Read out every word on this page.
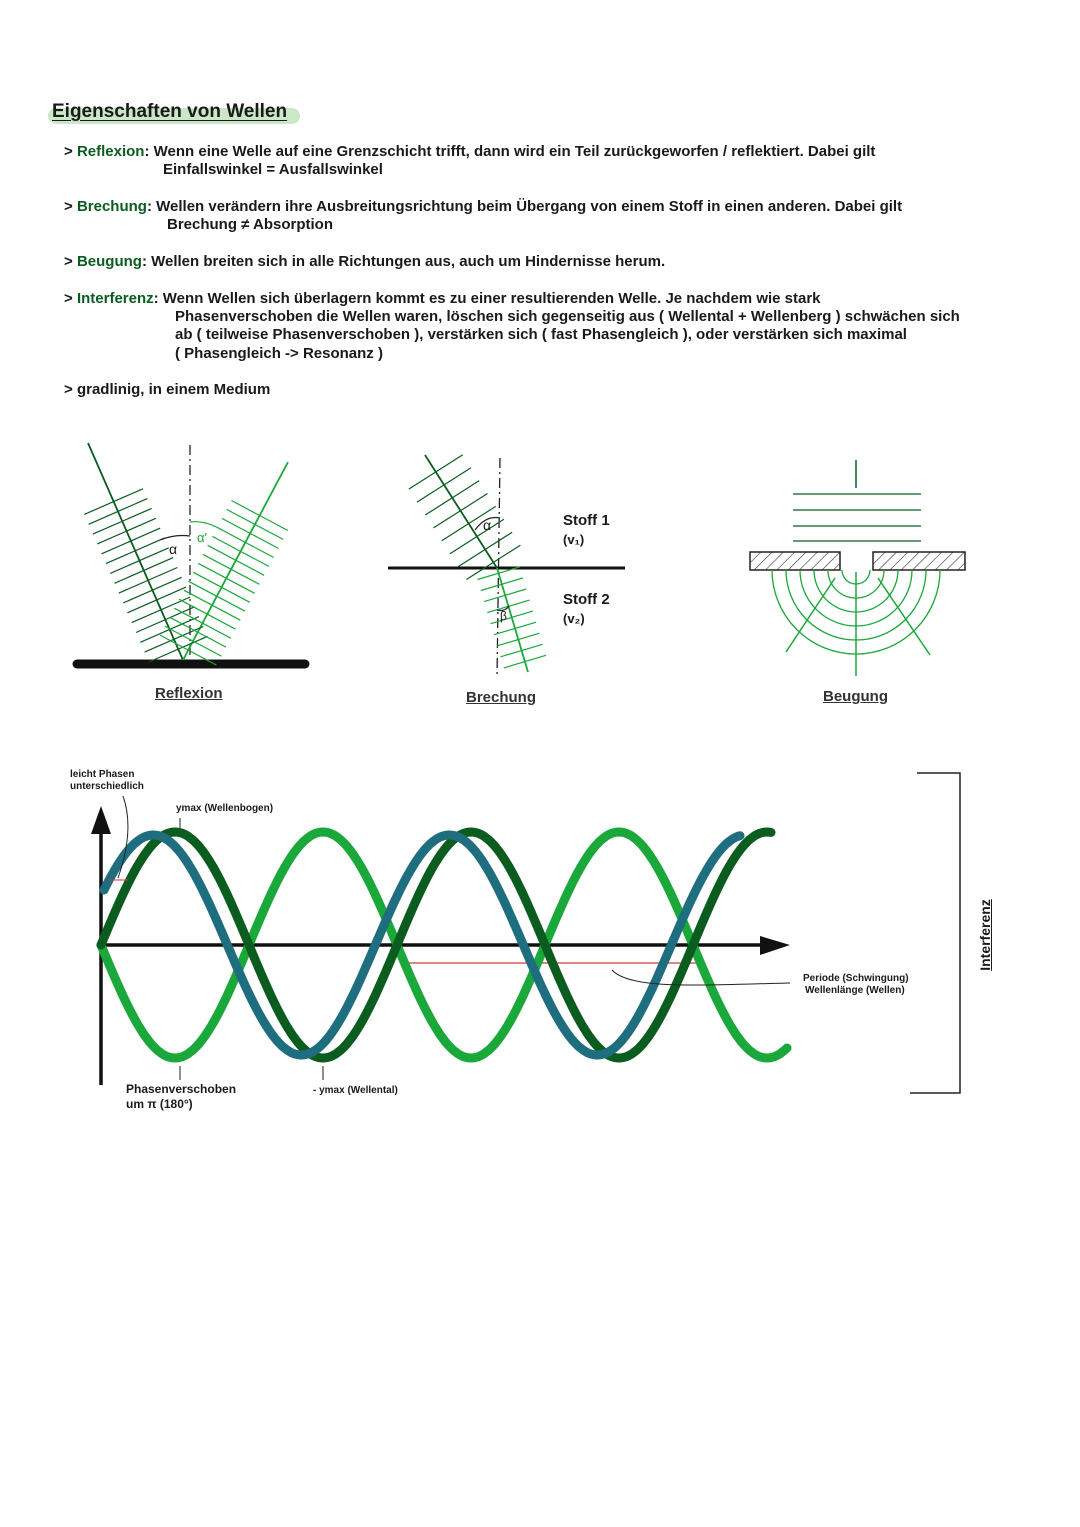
Eigenschaften von Wellen
> Reflexion: Wenn eine Welle auf eine Grenzschicht trifft, dann wird ein Teil zurückgeworfen / reflektiert. Dabei gilt
Einfallswinkel = Ausfallswinkel
> Brechung: Wellen verändern ihre Ausbreitungsrichtung beim Übergang von einem Stoff in einen anderen. Dabei gilt
Brechung ≠ Absorption
> Beugung: Wellen breiten sich in alle Richtungen aus, auch um Hindernisse herum.
> Interferenz: Wenn Wellen sich überlagern kommt es zu einer resultierenden Welle. Je nachdem wie stark
Phasenverschoben die Wellen waren, löschen sich gegenseitig aus ( Wellental + Wellenberg ) schwächen sich
ab ( teilweise Phasenverschoben ), verstärken sich ( fast Phasengleich ), oder verstärken sich maximal
( Phasengleich -> Resonanz )
> gradlinig, in einem Medium
α
α'
Reflexion
α
β
Stoff 1
(v₁)
Stoff 2
(v₂)
Brechung	Beugung
leicht Phasen
unterschiedlich
ymax (Wellenbogen)
Phasenverschoben
um π (180°)
- ymax (Wellental)
Periode (Schwingung)
Wellenlänge (Wellen)
Interferenz
